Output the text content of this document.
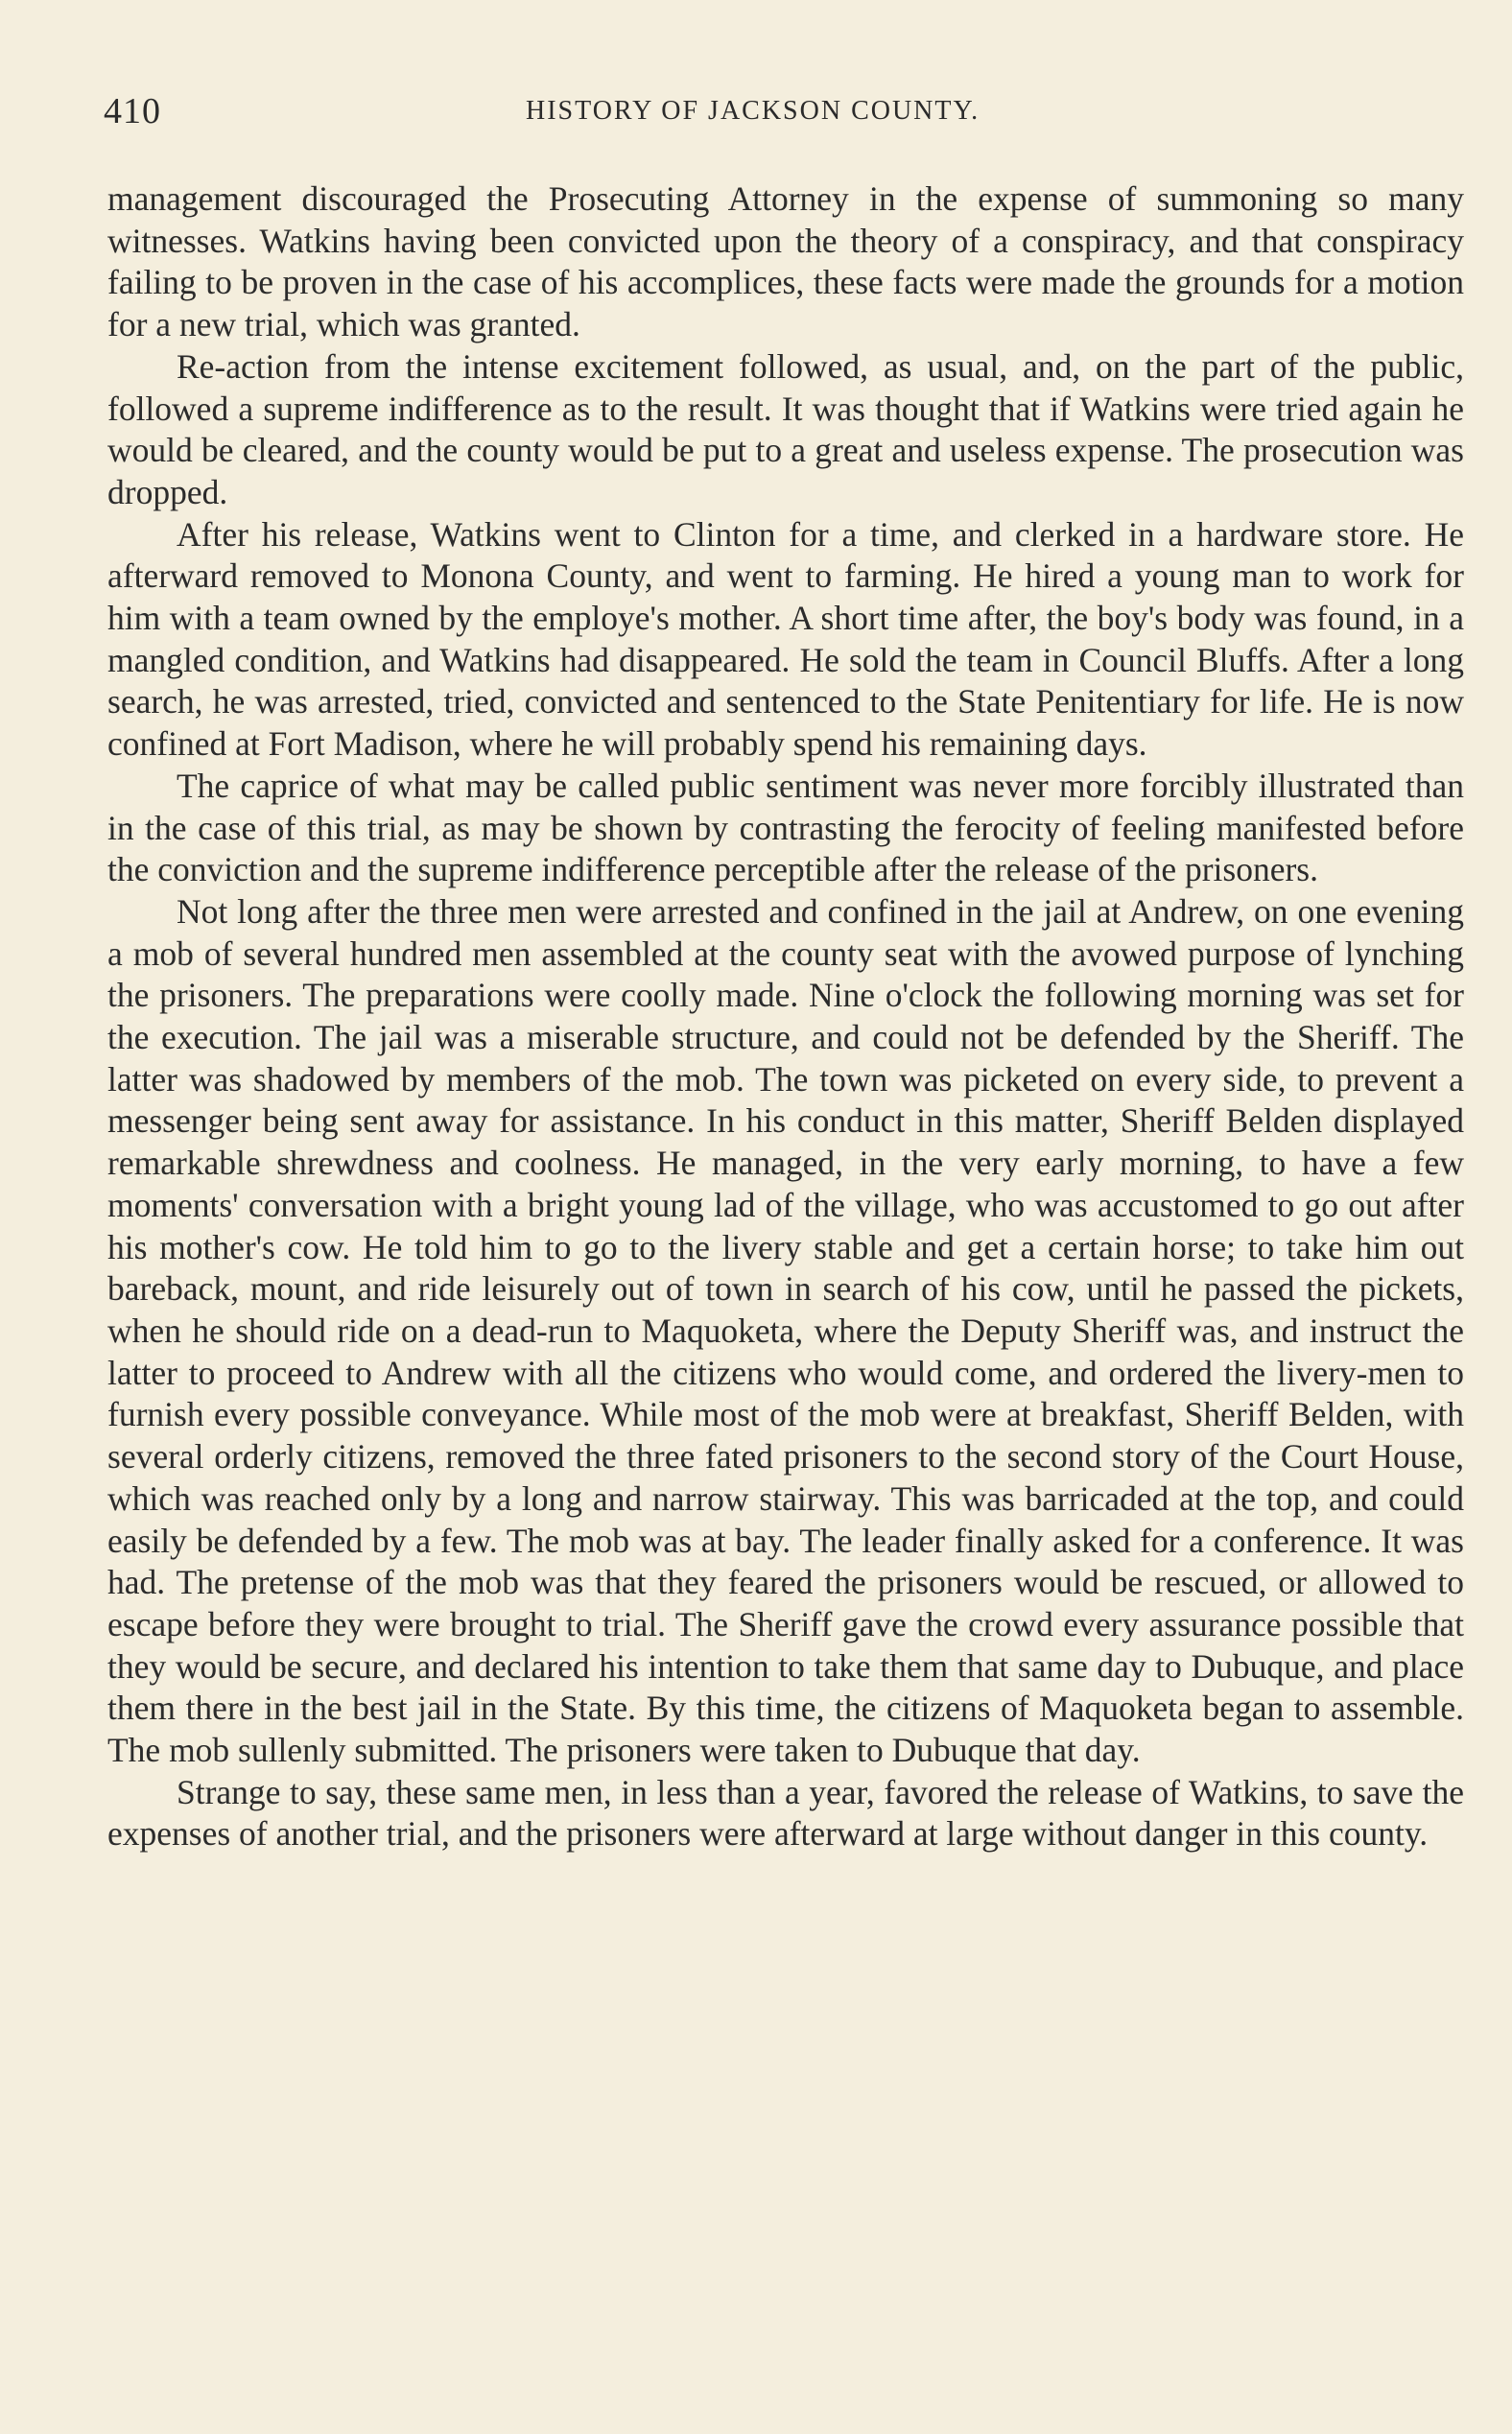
410	HISTORY OF JACKSON COUNTY.

management discouraged the Prosecuting Attorney in the expense of summoning so many witnesses. Watkins having been convicted upon the theory of a conspiracy, and that conspiracy failing to be proven in the case of his accomplices, these facts were made the grounds for a motion for a new trial, which was granted.

Re-action from the intense excitement followed, as usual, and, on the part of the public, followed a supreme indifference as to the result. It was thought that if Watkins were tried again he would be cleared, and the county would be put to a great and useless expense. The prosecution was dropped.

After his release, Watkins went to Clinton for a time, and clerked in a hardware store. He afterward removed to Monona County, and went to farming. He hired a young man to work for him with a team owned by the employe's mother. A short time after, the boy's body was found, in a mangled condition, and Watkins had disappeared. He sold the team in Council Bluffs. After a long search, he was arrested, tried, convicted and sentenced to the State Penitentiary for life. He is now confined at Fort Madison, where he will probably spend his remaining days.

The caprice of what may be called public sentiment was never more forcibly illustrated than in the case of this trial, as may be shown by contrasting the ferocity of feeling manifested before the conviction and the supreme indifference perceptible after the release of the prisoners.

Not long after the three men were arrested and confined in the jail at Andrew, on one evening a mob of several hundred men assembled at the county seat with the avowed purpose of lynching the prisoners. The preparations were coolly made. Nine o'clock the following morning was set for the execution. The jail was a miserable structure, and could not be defended by the Sheriff. The latter was shadowed by members of the mob. The town was picketed on every side, to prevent a messenger being sent away for assistance. In his conduct in this matter, Sheriff Belden displayed remarkable shrewdness and coolness. He managed, in the very early morning, to have a few moments' conversation with a bright young lad of the village, who was accustomed to go out after his mother's cow. He told him to go to the livery stable and get a certain horse; to take him out bareback, mount, and ride leisurely out of town in search of his cow, until he passed the pickets, when he should ride on a dead-run to Maquoketa, where the Deputy Sheriff was, and instruct the latter to proceed to Andrew with all the citizens who would come, and ordered the livery-men to furnish every possible conveyance. While most of the mob were at breakfast, Sheriff Belden, with several orderly citizens, removed the three fated prisoners to the second story of the Court House, which was reached only by a long and narrow stairway. This was barricaded at the top, and could easily be defended by a few. The mob was at bay. The leader finally asked for a conference. It was had. The pretense of the mob was that they feared the prisoners would be rescued, or allowed to escape before they were brought to trial. The Sheriff gave the crowd every assurance possible that they would be secure, and declared his intention to take them that same day to Dubuque, and place them there in the best jail in the State. By this time, the citizens of Maquoketa began to assemble. The mob sullenly submitted. The prisoners were taken to Dubuque that day.

Strange to say, these same men, in less than a year, favored the release of Watkins, to save the expenses of another trial, and the prisoners were afterward at large without danger in this county.
